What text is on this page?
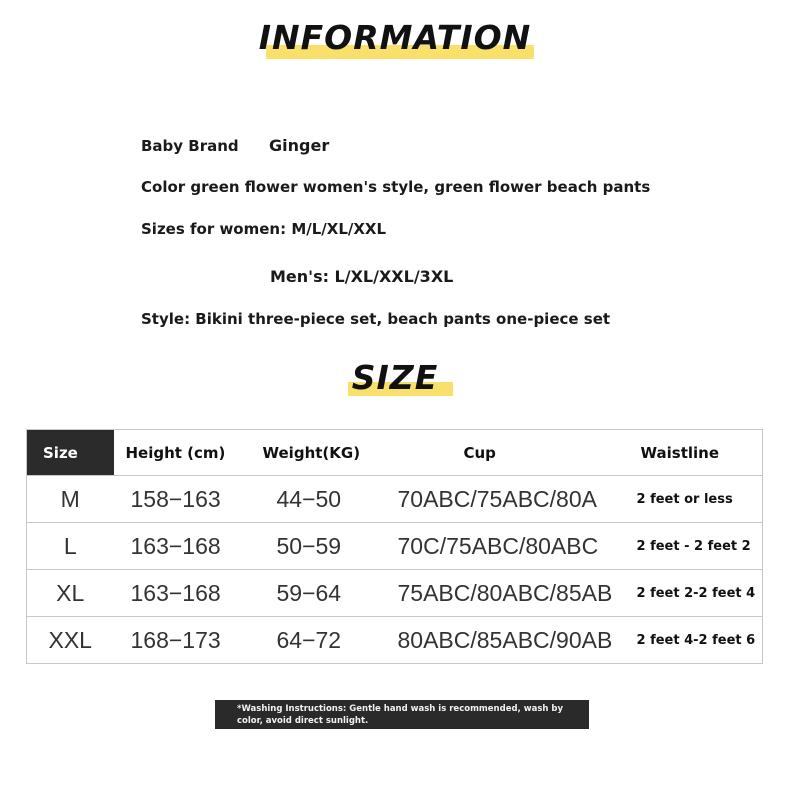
INFORMATION
Baby Brand Ginger
Color green flower women's style, green flower beach pants
Sizes for women: M/L/XL/XXL
Men's: L/XL/XXL/3XL
Style: Bikini three-piece set, beach pants one-piece set
SIZE
Size	Height (cm)	Weight(KG)	Cup	Waistline
M	158−163	44−50	70ABC/75ABC/80A	2 feet or less
L	163−168	50−59	70C/75ABC/80ABC	2 feet - 2 feet 2
XL	163−168	59−64	75ABC/80ABC/85AB	2 feet 2-2 feet 4
XXL	168−173	64−72	80ABC/85ABC/90AB	2 feet 4-2 feet 6
*Washing Instructions: Gentle hand wash is recommended, wash by color, avoid direct sunlight.
